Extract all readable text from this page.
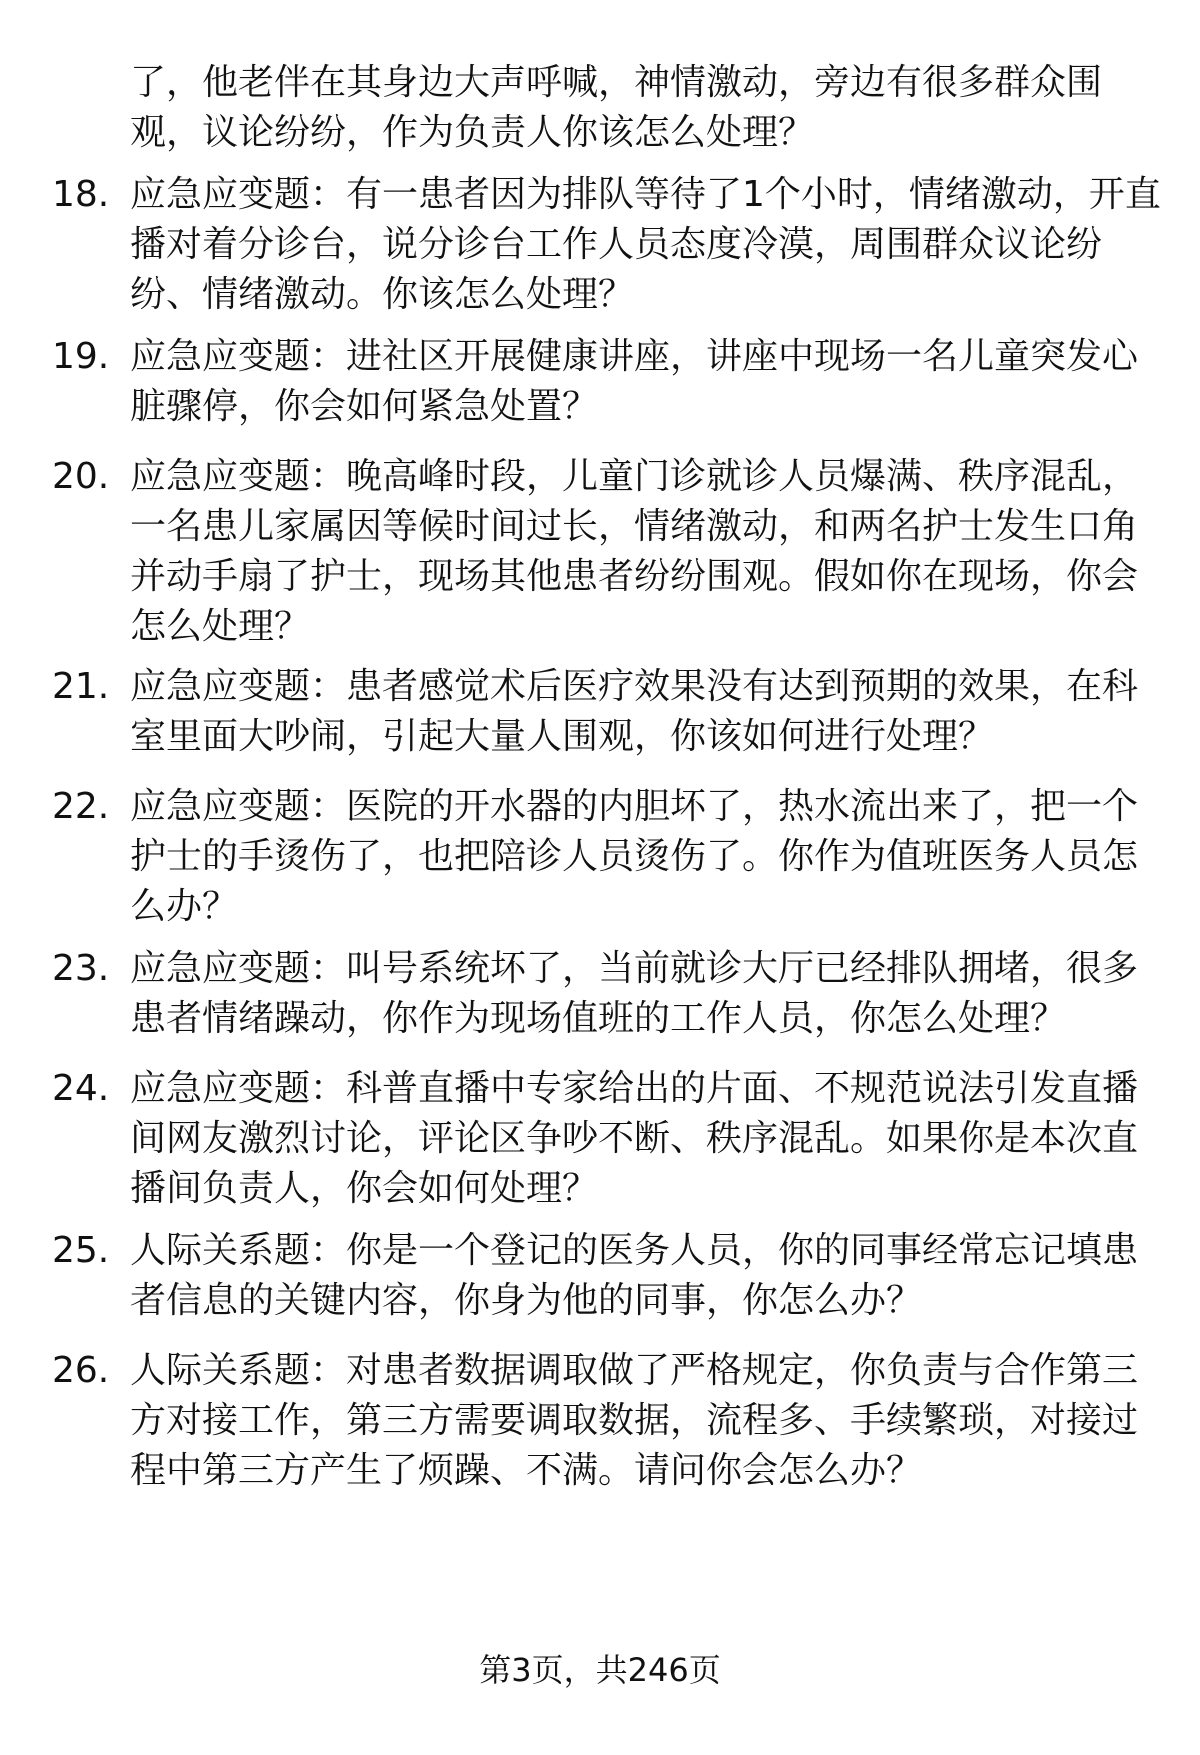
了，他老伴在其身边大声呼喊，神情激动，旁边有很多群众围
观，议论纷纷，作为负责人你该怎么处理？
18. 应急应变题：有一患者因为排队等待了1个小时，情绪激动，开直
播对着分诊台，说分诊台工作人员态度冷漠，周围群众议论纷
纷、情绪激动。你该怎么处理？
19. 应急应变题：进社区开展健康讲座，讲座中现场一名儿童突发心
脏骤停，你会如何紧急处置？
20. 应急应变题：晚高峰时段，儿童门诊就诊人员爆满、秩序混乱，
一名患儿家属因等候时间过长，情绪激动，和两名护士发生口角
并动手扇了护士，现场其他患者纷纷围观。假如你在现场，你会
怎么处理？
21. 应急应变题：患者感觉术后医疗效果没有达到预期的效果，在科
室里面大吵闹，引起大量人围观，你该如何进行处理？
22. 应急应变题：医院的开水器的内胆坏了，热水流出来了，把一个
护士的手烫伤了，也把陪诊人员烫伤了。你作为值班医务人员怎
么办？
23. 应急应变题：叫号系统坏了，当前就诊大厅已经排队拥堵，很多
患者情绪躁动，你作为现场值班的工作人员，你怎么处理？
24. 应急应变题：科普直播中专家给出的片面、不规范说法引发直播
间网友激烈讨论，评论区争吵不断、秩序混乱。如果你是本次直
播间负责人，你会如何处理？
25. 人际关系题：你是一个登记的医务人员，你的同事经常忘记填患
者信息的关键内容，你身为他的同事，你怎么办？
26. 人际关系题：对患者数据调取做了严格规定，你负责与合作第三
方对接工作，第三方需要调取数据，流程多、手续繁琐，对接过
程中第三方产生了烦躁、不满。请问你会怎么办？
第3页，共246页
